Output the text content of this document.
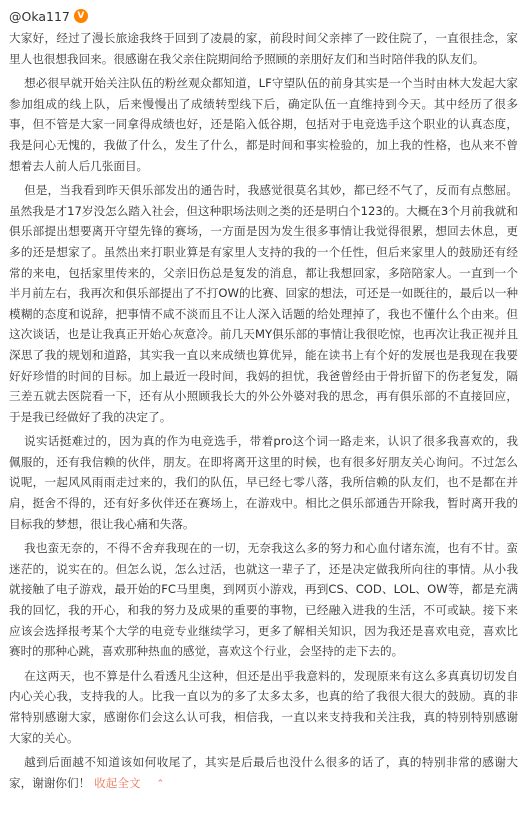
@Oka117 V

大家好，经过了漫长旅途我终于回到了凌晨的家，前段时间父亲摔了一跤住院了，一直很挂念，家里人也很想我回来。很感谢在我父亲住院期间给予照顾的亲朋好友们和当时陪伴我的队友们。

想必很早就开始关注队伍的粉丝观众都知道，LF守望队伍的前身其实是一个当时由林大发起大家参加组成的线上队，后来慢慢出了成绩转型线下后，确定队伍一直维持到今天。其中经历了很多事，但不管是大家一同拿得成绩也好，还是陷入低谷期，包括对于电竞选手这个职业的认真态度，我是问心无愧的，我做了什么，发生了什么，都是时间和事实检验的，加上我的性格，也从来不曾想着去人前人后几张面目。

但是，当我看到昨天俱乐部发出的通告时，我感觉很莫名其妙，都已经不气了，反而有点憋屈。虽然我是才17岁没怎么踏入社会，但这种职场法则之类的还是明白个123的。大概在3个月前我就和俱乐部提出想要离开守望先锋的赛场，一方面是因为发生很多事情让我觉得很累，想回去休息，更多的还是想家了。虽然出来打职业算是有家里人支持的我的一个任性，但后来家里人的鼓励还有经常的来电，包括家里传来的，父亲旧伤总是复发的消息，都让我想回家，多陪陪家人。一直到一个半月前左右，我再次和俱乐部提出了不打OW的比赛、回家的想法，可还是一如既往的，最后以一种模糊的态度和说辞，把事情不咸不淡而且不让人深入话题的给处理掉了，我也不懂什么个由来。但这次谈话，也是让我真正开始心灰意冷。前几天MY俱乐部的事情让我很吃惊，也再次让我正视并且深思了我的规划和道路，其实我一直以来成绩也算优异，能在读书上有个好的发展也是我现在我要好好珍惜的时间的目标。加上最近一段时间，我妈的担忧，我爸曾经由于骨折留下的伤老复发，隔三差五就去医院看一下，还有从小照顾我长大的外公外婆对我的思念，再有俱乐部的不直接回应，于是我已经做好了我的决定了。

说实话挺难过的，因为真的作为电竞选手，带着pro这个词一路走来，认识了很多我喜欢的，我佩服的，还有我信赖的伙伴，朋友。在即将离开这里的时候，也有很多好朋友关心询问。不过怎么说呢，一起风风雨雨走过来的，我们的队伍，早已经七零八落，我所信赖的队友们，也不是都在并肩，挺舍不得的，还有好多伙伴还在赛场上，在游戏中。相比之俱乐部通告开除我，暂时离开我的目标我的梦想，很让我心痛和失落。

我也蛮无奈的，不得不舍弃我现在的一切，无奈我这么多的努力和心血付诸东流，也有不甘。蛮迷茫的，说实在的。但怎么说，怎么过活，也就这一辈子了，还是决定做我所向往的事情。从小我就接触了电子游戏，最开始的FC马里奥，到网页小游戏，再到CS、COD、LOL、OW等，都是充满我的回忆，我的开心，和我的努力及成果的重要的事物，已经融入进我的生活，不可或缺。接下来应该会选择报考某个大学的电竞专业继续学习，更多了解相关知识，因为我还是喜欢电竞，喜欢比赛时的那种心跳，喜欢那种热血的感觉，喜欢这个行业，会坚持的走下去的。

在这两天，也不算是什么看透凡尘这种，但还是出乎我意料的，发现原来有这么多真真切切发自内心关心我，支持我的人。比我一直以为的多了太多太多，也真的给了我很大很大的鼓励。真的非常特别感谢大家，感谢你们会这么认可我，相信我，一直以来支持我和关注我，真的特别特别感谢大家的关心。

越到后面越不知道该如何收尾了，其实是后最后也没什么很多的话了，真的特别非常的感谢大家，谢谢你们！ 收起全文 ⌃
